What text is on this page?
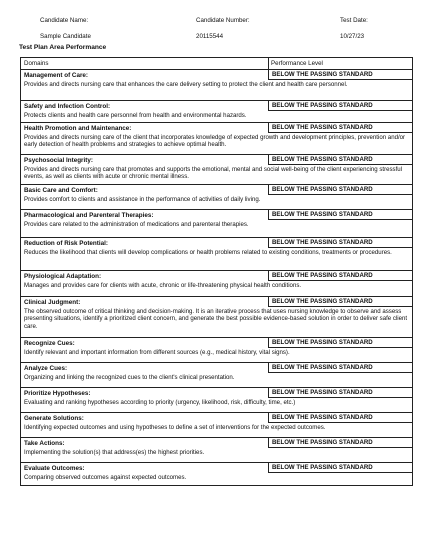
Candidate Name:	Candidate Number:	Test Date:
Sample Candidate	20115544	10/27/23
Test Plan Area Performance
Domains	Performance Level
Management of Care:	BELOW THE PASSING STANDARD
Provides and directs nursing care that enhances the care delivery setting to protect the client and health care personnel.
Safety and Infection Control:	BELOW THE PASSING STANDARD
Protects clients and health care personnel from health and environmental hazards.
Health Promotion and Maintenance:	BELOW THE PASSING STANDARD
Provides and directs nursing care of the client that incorporates knowledge of expected growth and development principles, prevention and/or early detection of health problems and strategies to achieve optimal health.
Psychosocial Integrity:	BELOW THE PASSING STANDARD
Provides and directs nursing care that promotes and supports the emotional, mental and social well-being of the client experiencing stressful events, as well as clients with acute or chronic mental illness.
Basic Care and Comfort:	BELOW THE PASSING STANDARD
Provides comfort to clients and assistance in the performance of activities of daily living.
Pharmacological and Parenteral Therapies:	BELOW THE PASSING STANDARD
Provides care related to the administration of medications and parenteral therapies.
Reduction of Risk Potential:	BELOW THE PASSING STANDARD
Reduces the likelihood that clients will develop complications or health problems related to existing conditions, treatments or procedures.
Physiological Adaptation:	BELOW THE PASSING STANDARD
Manages and provides care for clients with acute, chronic or life-threatening physical health conditions.
Clinical Judgment:	BELOW THE PASSING STANDARD
The observed outcome of critical thinking and decision-making. It is an iterative process that uses nursing knowledge to observe and assess presenting situations, identify a prioritized client concern, and generate the best possible evidence-based solution in order to deliver safe client care.
Recognize Cues:	BELOW THE PASSING STANDARD
Identify relevant and important information from different sources (e.g., medical history, vital signs).
Analyze Cues:	BELOW THE PASSING STANDARD
Organizing and linking the recognized cues to the client's clinical presentation.
Prioritize Hypotheses:	BELOW THE PASSING STANDARD
Evaluating and ranking hypotheses according to priority (urgency, likelihood, risk, difficulty, time, etc.)
Generate Solutions:	BELOW THE PASSING STANDARD
Identifying expected outcomes and using hypotheses to define a set of interventions for the expected outcomes.
Take Actions:	BELOW THE PASSING STANDARD
Implementing the solution(s) that address(es) the highest priorities.
Evaluate Outcomes:	BELOW THE PASSING STANDARD
Comparing observed outcomes against expected outcomes.
